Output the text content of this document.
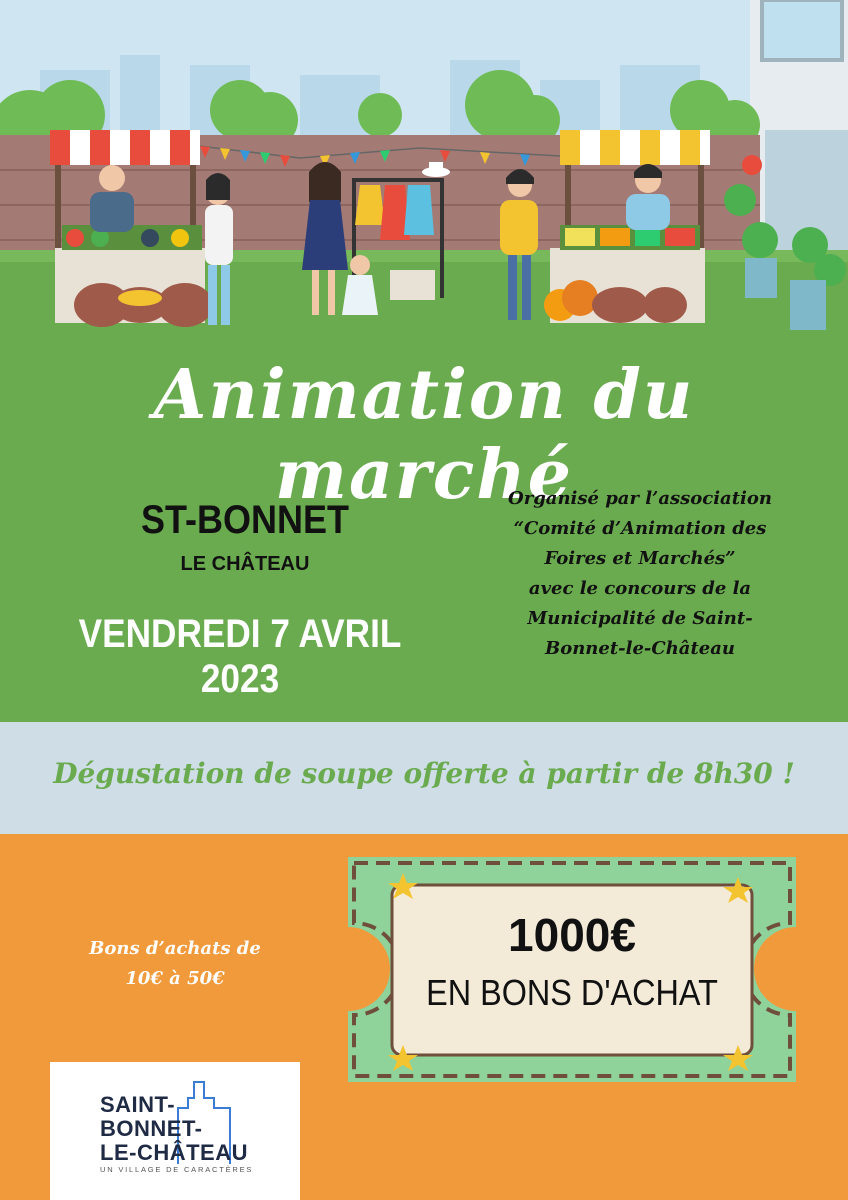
Animation du marché
ST-BONNET
LE CHÂTEAU
VENDREDI 7 AVRIL 2023
Organisé par l’association
“Comité d’Animation des
Foires et Marchés”
avec le concours de la
Municipalité de Saint-
Bonnet-le-Château
Dégustation de soupe offerte à partir de 8h30 !
Bons d’achats de
10€ à 50€
1000€
EN BONS D'ACHAT
SAINT-
BONNET-
LE-CHÂTEAU
UN VILLAGE DE CARACTÈRES
